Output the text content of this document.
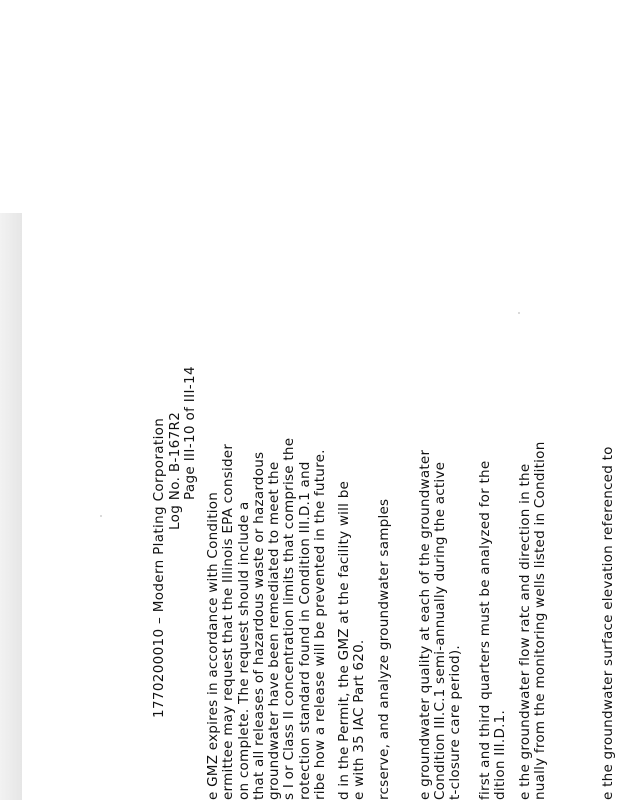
1770200010 – Modern Plating Corporation Log No. B-167R2 Page III-10 of III-14
e GMZ expires in accordance with Condition ermittee may request that the Illinois EPA consider on complete. The request should include a that all releases of hazardous waste or hazardous groundwater have been remediated to meet the s I or Class II concentration limits that comprise the rotection standard found in Condition III.D.1 and ribe how a release will be prevented in the future. d in the Permit, the GMZ at the facility will be e with 35 IAC Part 620. rcserve, and analyze groundwater samples e groundwater quality at each of the groundwater Condition III.C.1 semi-annually during the active t-closure care period). first and third quarters must be analyzed for the dition III.D.1. e the groundwater flow ratc and direction in the nually from the monitoring wells listed in Condition	e the groundwater surface elevation referenced to
